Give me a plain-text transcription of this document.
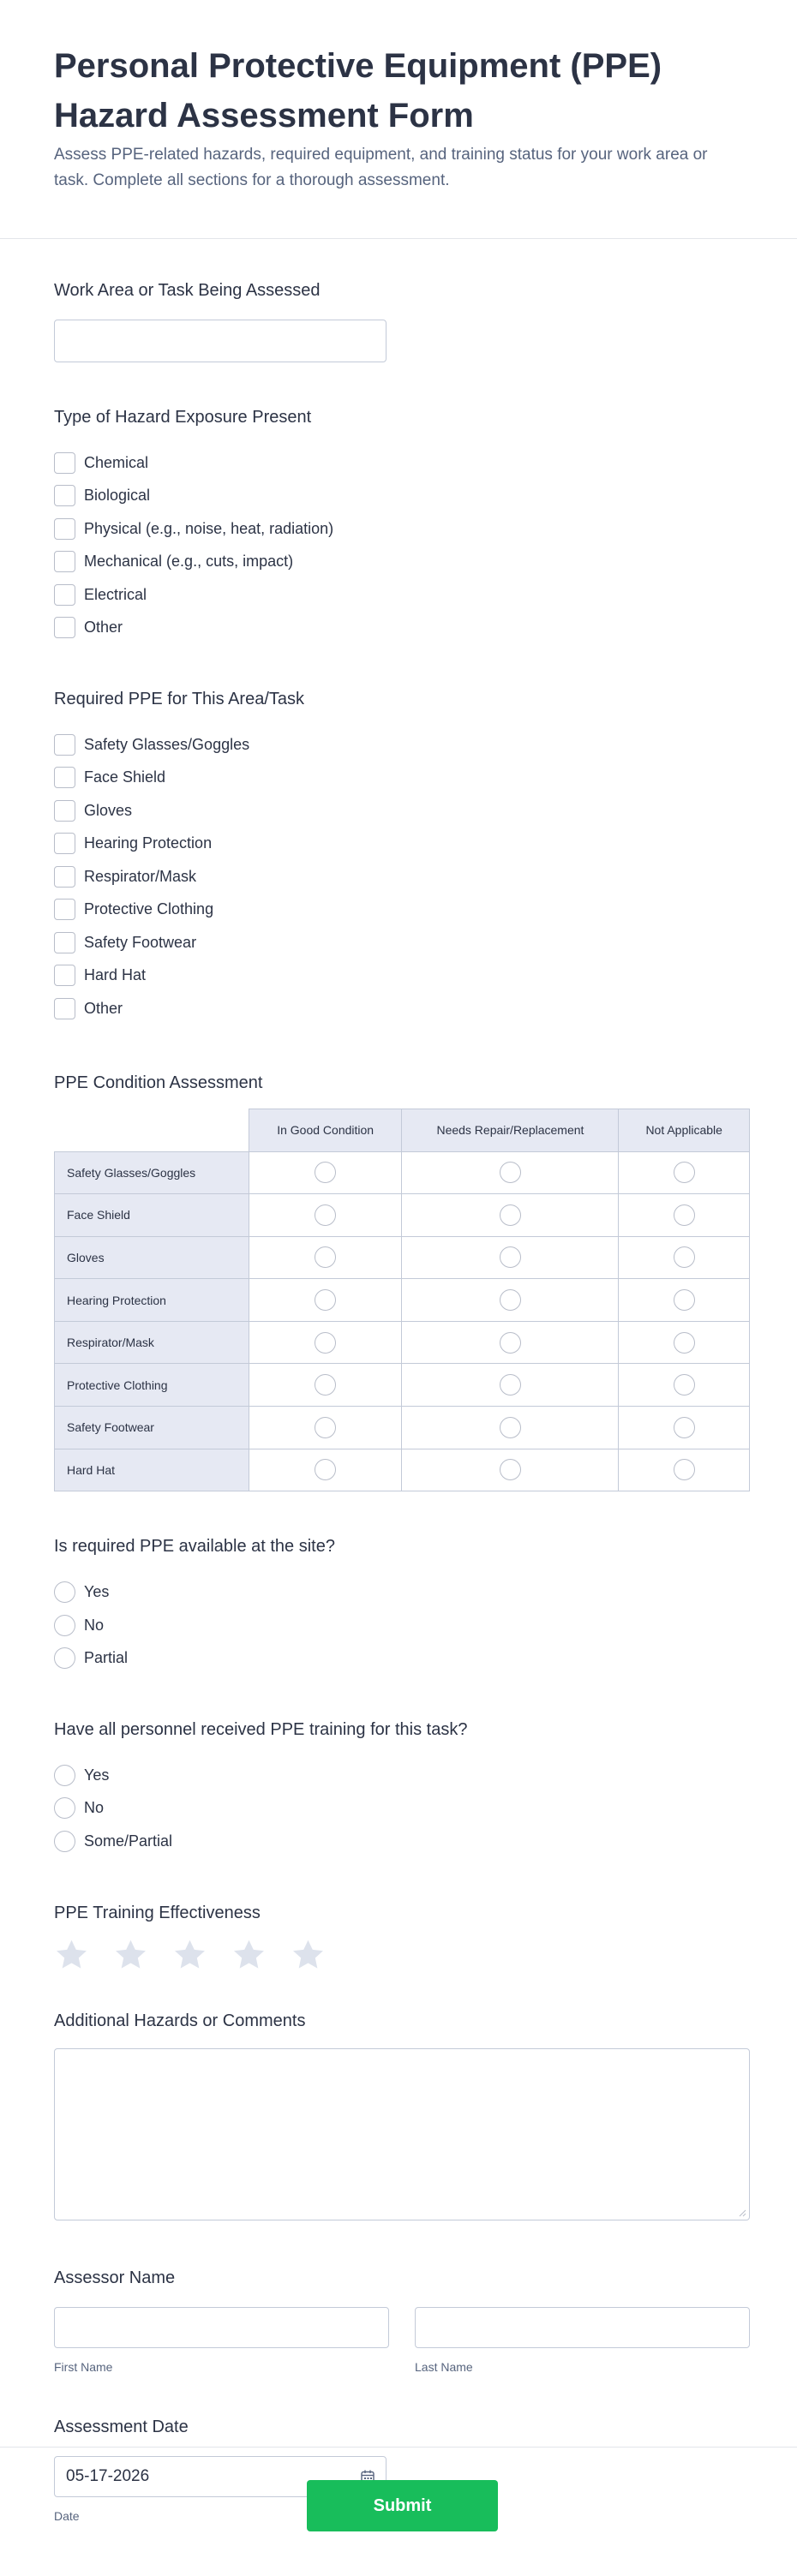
Personal Protective Equipment (PPE) Hazard Assessment Form

Assess PPE-related hazards, required equipment, and training status for your work area or task. Complete all sections for a thorough assessment.

Work Area or Task Being Assessed
Type of Hazard Exposure Present
Chemical
Biological
Physical (e.g., noise, heat, radiation)
Mechanical (e.g., cuts, impact)
Electrical
Other
Required PPE for This Area/Task
Safety Glasses/Goggles
Face Shield
Gloves
Hearing Protection
Respirator/Mask
Protective Clothing
Safety Footwear
Hard Hat
Other
PPE Condition Assessment
	In Good Condition	Needs Repair/Replacement	Not Applicable
Safety Glasses/Goggles			
Face Shield			
Gloves			
Hearing Protection			
Respirator/Mask			
Protective Clothing			
Safety Footwear			
Hard Hat			
Is required PPE available at the site?
Yes
No
Partial
Have all personnel received PPE training for this task?
Yes
No
Some/Partial
PPE Training Effectiveness
Additional Hazards or Comments
Assessor Name
First Name	Last Name
Assessment Date
05-17-2026
Date
Submit
